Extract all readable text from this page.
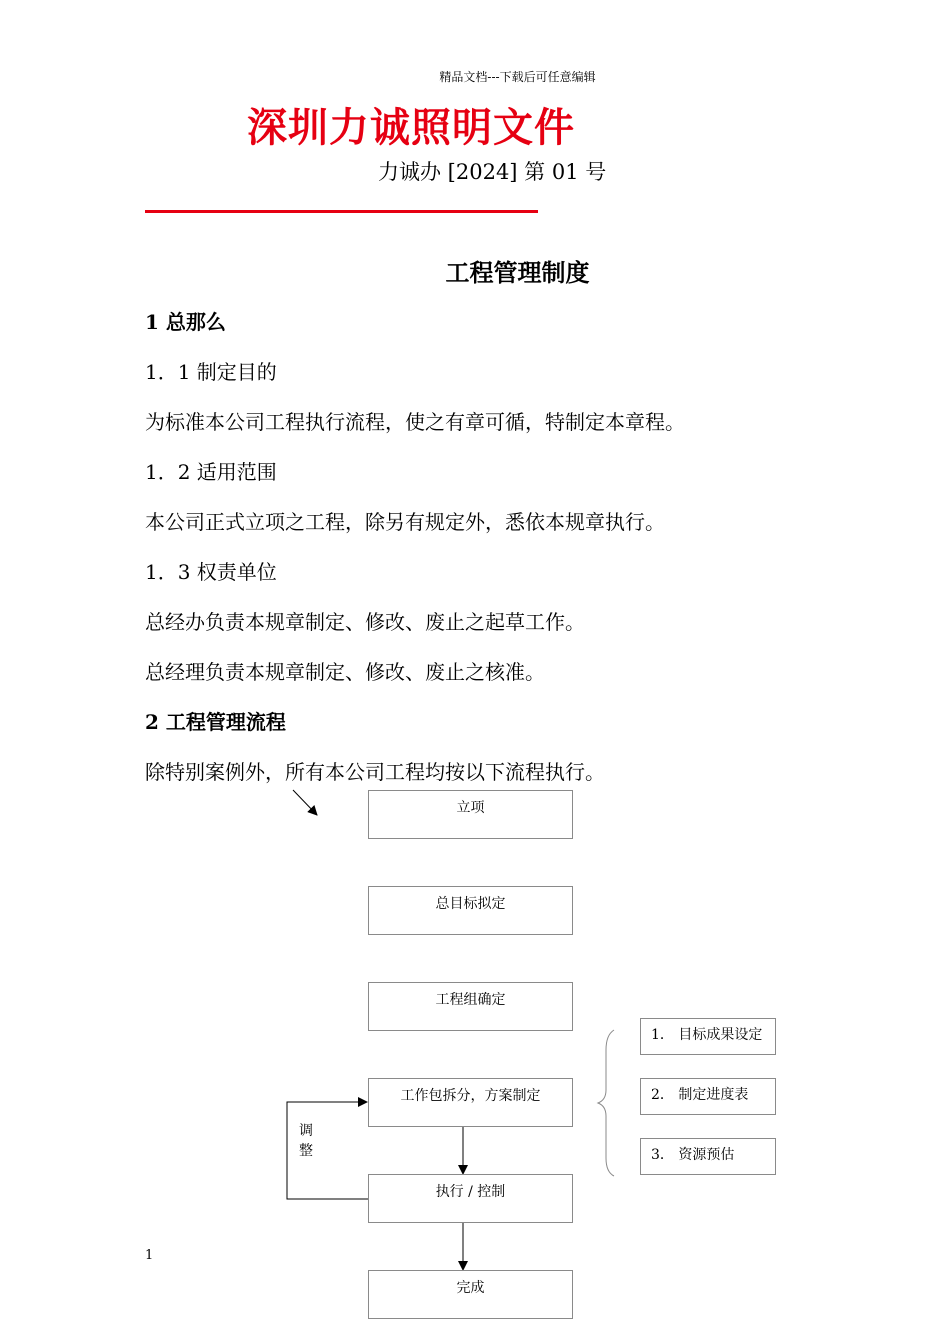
精品文档---下载后可任意编辑
深圳力诚照明文件
力诚办 [2024] 第 01 号
工程管理制度
1 总那么
1．1 制定目的
为标准本公司工程执行流程，使之有章可循，特制定本章程。
1．2 适用范围
本公司正式立项之工程，除另有规定外，悉依本规章执行。
1．3 权责单位
总经办负责本规章制定、修改、废止之起草工作。
总经理负责本规章制定、修改、废止之核准。
2 工程管理流程
除特别案例外，所有本公司工程均按以下流程执行。
立项
总目标拟定
工程组确定
工作包拆分，方案制定
执行 / 控制
完成
1． 目标成果设定
2． 制定进度表
3． 资源预估
调整
1
